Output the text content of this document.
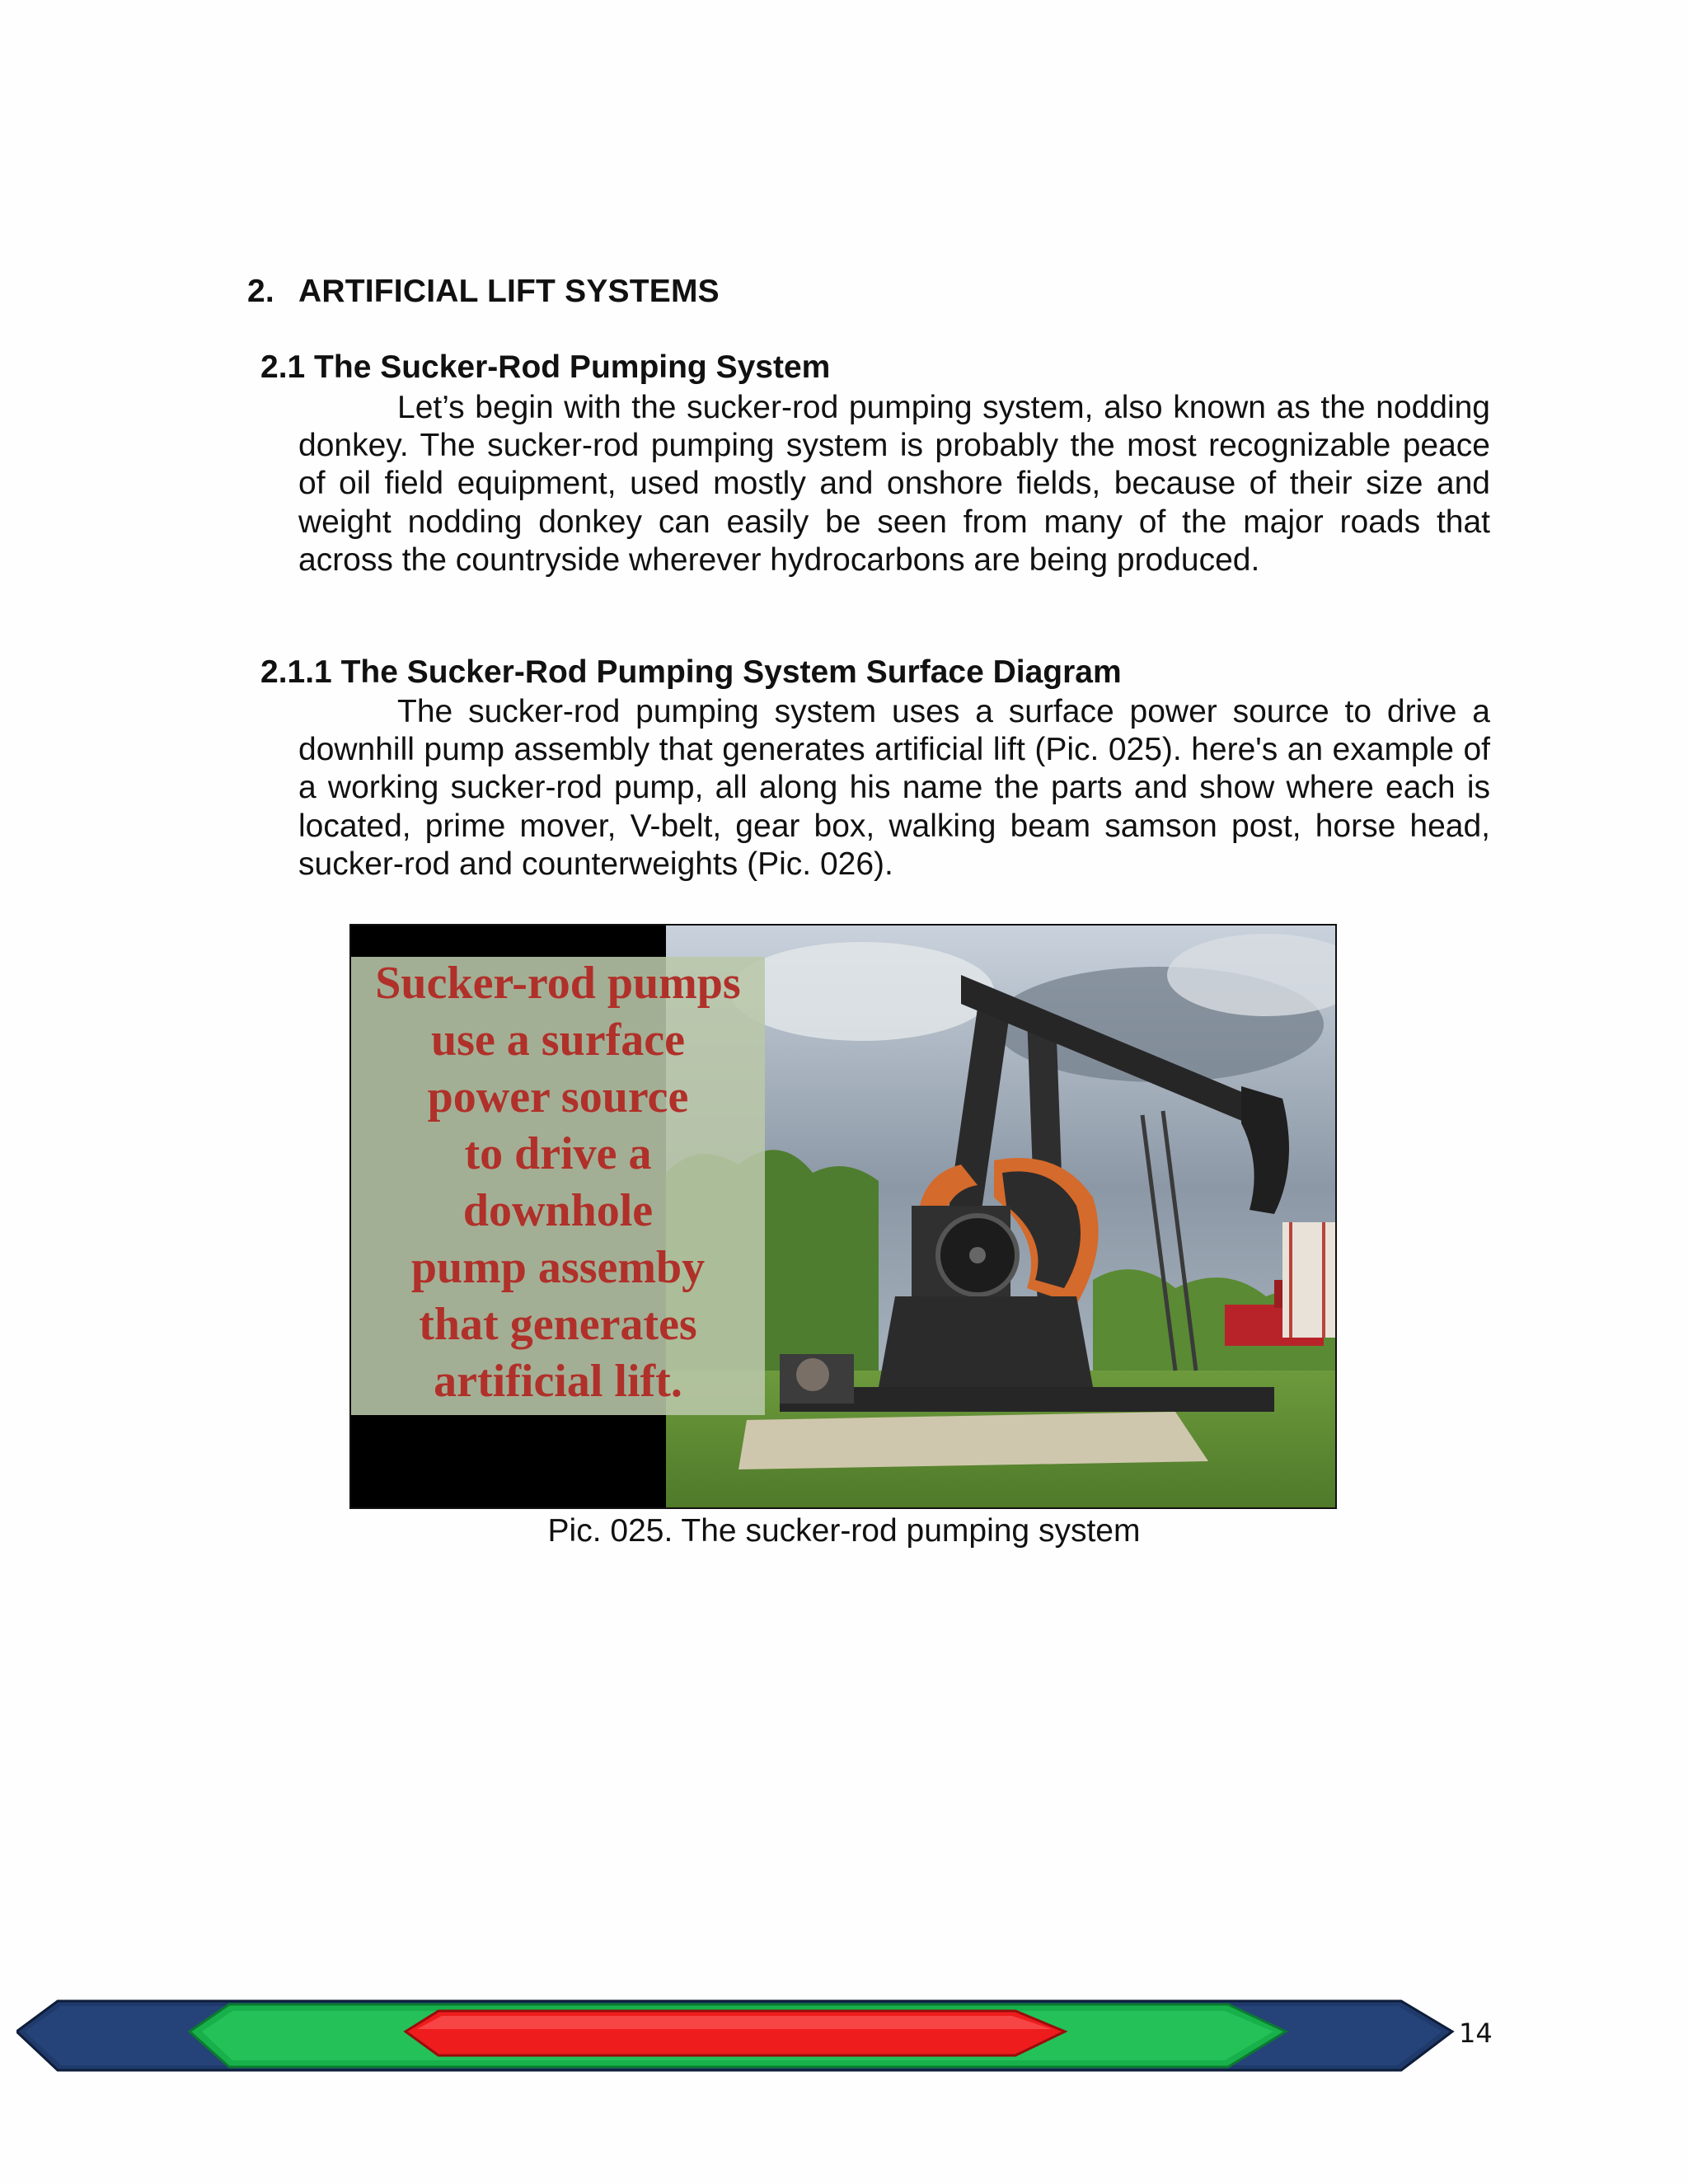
2. ARTIFICIAL LIFT SYSTEMS
2.1 The Sucker-Rod Pumping System

Let’s begin with the sucker-rod pumping system, also known as the nodding donkey. The sucker-rod pumping system is probably the most recognizable peace of oil field equipment, used mostly and onshore fields, because of their size and weight nodding donkey can easily be seen from many of the major roads that across the countryside wherever hydrocarbons are being produced.

2.1.1 The Sucker-Rod Pumping System Surface Diagram

The sucker-rod pumping system uses a surface power source to drive a downhill pump assembly that generates artificial lift (Pic. 025). here's an example of a working sucker-rod pump, all along his name the parts and show where each is located, prime mover, V-belt, gear box, walking beam samson post, horse head, sucker-rod and counterweights (Pic. 026).

Sucker-rod pumps
use a surface
power source
to drive a
downhole
pump assemby
that generates
artificial lift.
Pic. 025. The sucker-rod pumping system
14
